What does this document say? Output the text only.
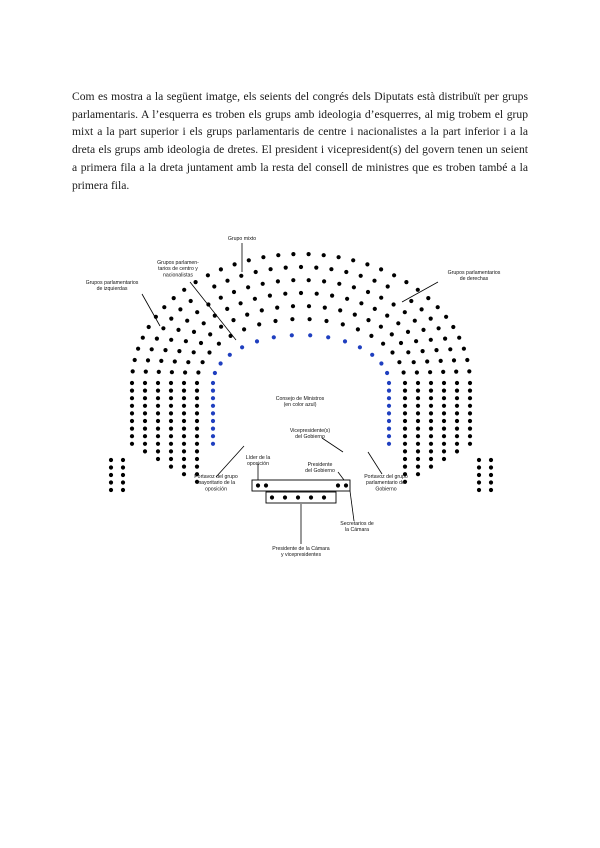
Com es mostra a la següent imatge, els seients del congrés dels Diputats està distribuït per grups parlamentaris. A l’esquerra es troben els grups amb ideologia d’esquerres, al mig trobem el grup mixt a la part superior i els grups parlamentaris de centre i nacionalistes a la part inferior i a la dreta els grups amb ideologia de dretes. El president i vicepresident(s) del govern tenen un seient a primera fila a la dreta juntament amb la resta del consell de ministres que es troben també a la primera fila.

Grupo mixto
Grupos parlamen-tarios de centro y nacionalistas
Grupos parlamentarios de izquierdas
Grupos parlamentarios de derechas
Consejo de Ministros (en color azul)
Vicepresidente(s) del Gobierno
Líder de la oposición	Presidente del Gobierno
Portavoz del grupo mayoritario de la oposición
Portavoz del grupo parlamentario del Gobierno
Secretarios de la Cámara
Presidente de la Cámara y vicepresidentes
